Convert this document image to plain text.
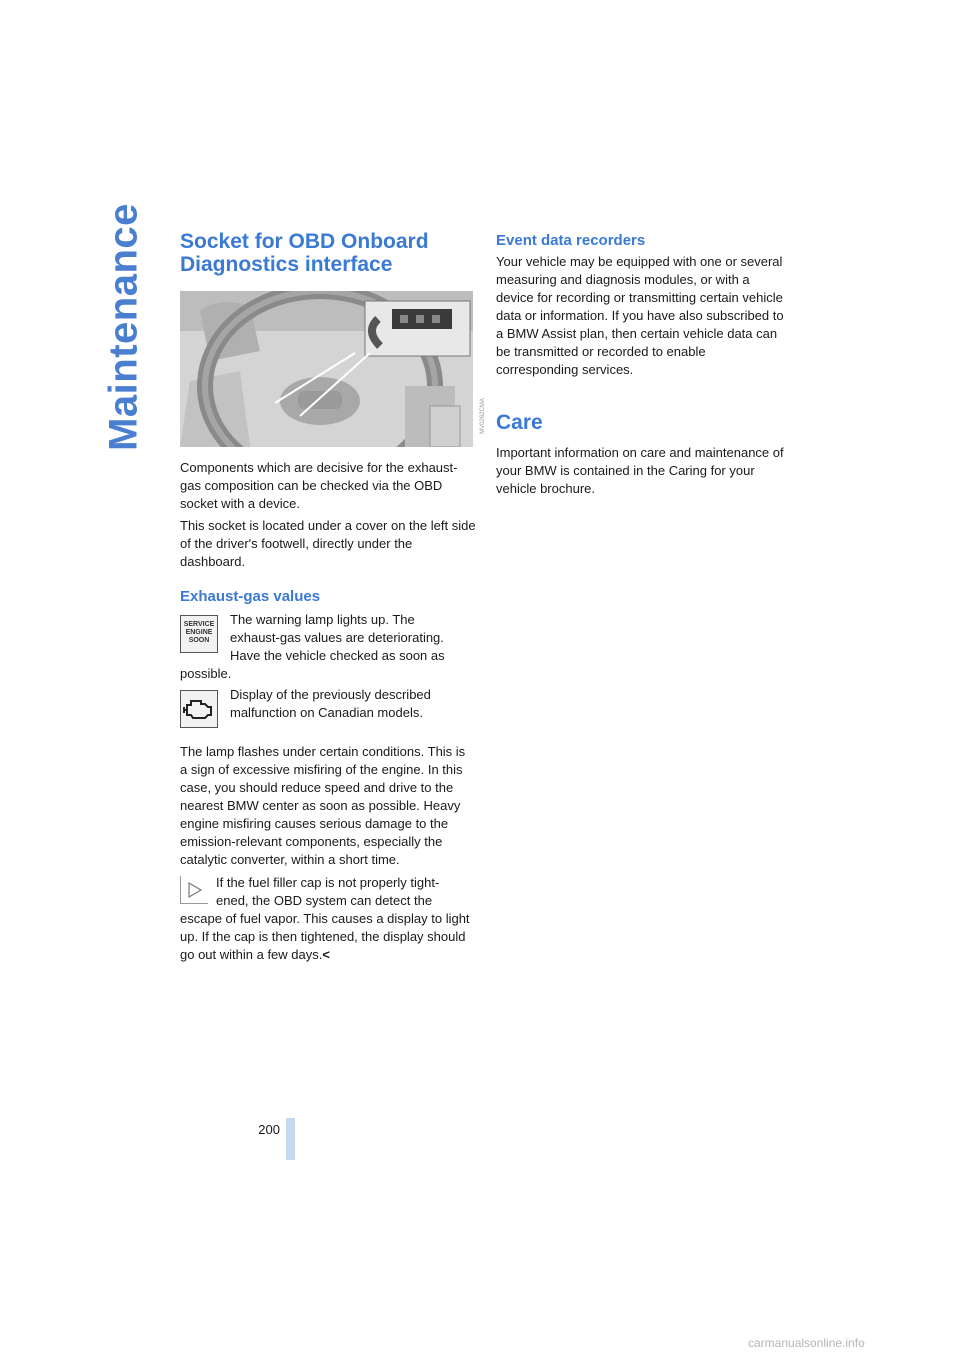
Maintenance Socket for OBD Onboard Diagnostics interface
MV0262CMA

Components which are decisive for the exhaust-gas composition can be checked via the OBD socket with a device.

This socket is located under a cover on the left side of the driver's footwell, directly under the dashboard.

Exhaust-gas values
SERVICE ENGINE SOON

The warning lamp lights up. The

exhaust-gas values are deteriorating.

Have the vehicle checked as soon as

possible.

Display of the previously described

malfunction on Canadian models.

The lamp flashes under certain conditions. This is a sign of excessive misfiring of the engine. In this case, you should reduce speed and drive to the nearest BMW center as soon as possible. Heavy engine misfiring causes serious damage to the emission-relevant components, especially the catalytic converter, within a short time.

If the fuel filler cap is not properly tight-

ened, the OBD system can detect the

escape of fuel vapor. This causes a display to light up. If the cap is then tightened, the display should go out within a few days.<

Event data recorders

Your vehicle may be equipped with one or several measuring and diagnosis modules, or with a device for recording or transmitting certain vehicle data or information. If you have also subscribed to a BMW Assist plan, then certain vehicle data can be transmitted or recorded to enable corresponding services.

Care

Important information on care and maintenance of your BMW is contained in the Caring for your vehicle brochure.

200
carmanualsonline.info
